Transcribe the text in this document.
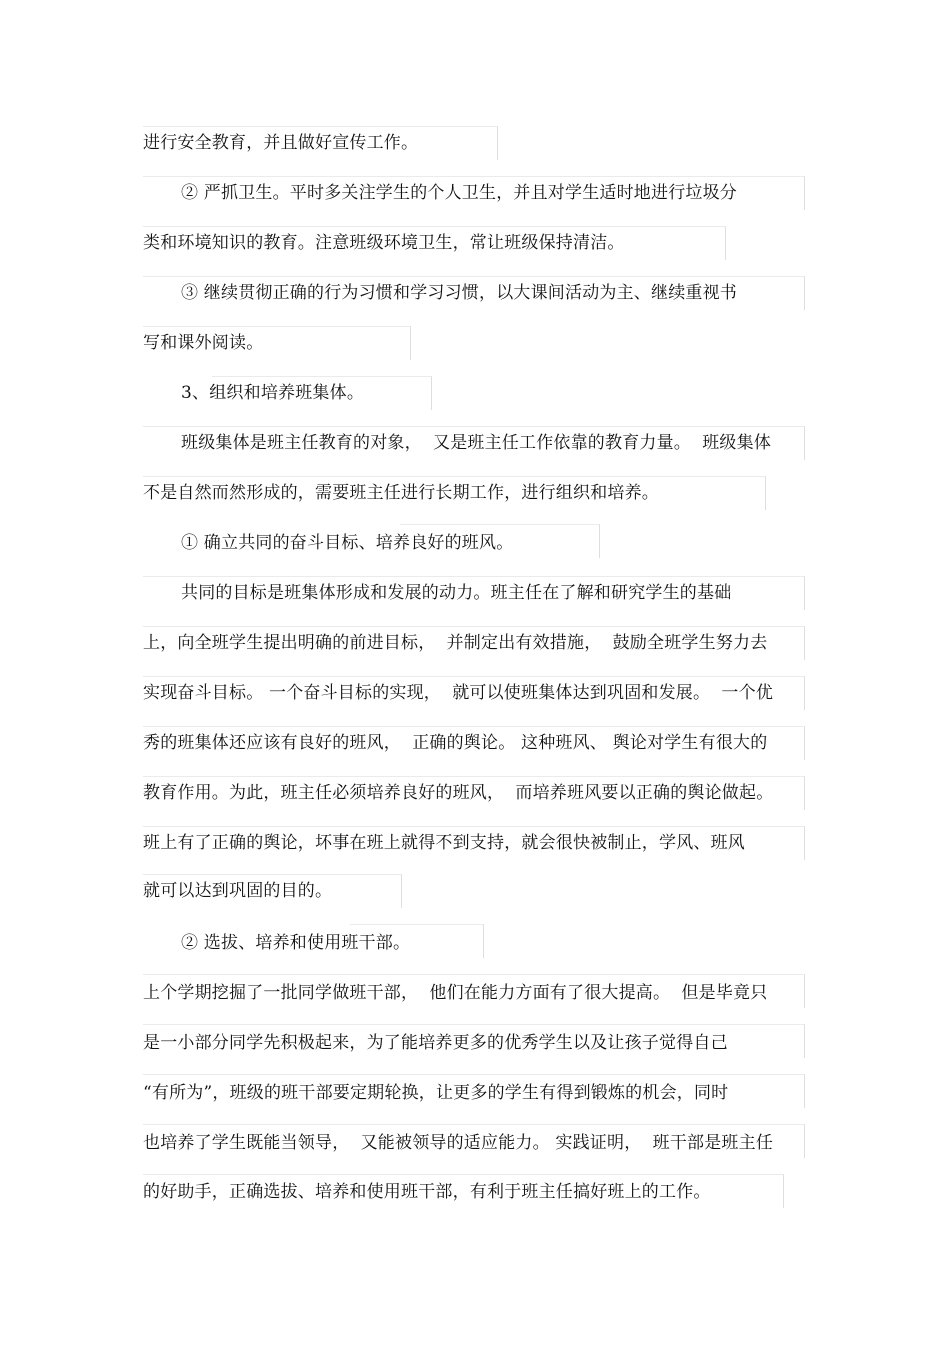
进行安全教育，并且做好宣传工作。
② 严抓卫生。平时多关注学生的个人卫生，并且对学生适时地进行垃圾分
类和环境知识的教育。注意班级环境卫生，常让班级保持清洁。
③ 继续贯彻正确的行为习惯和学习习惯，以大课间活动为主、继续重视书
写和课外阅读。
3、组织和培养班集体。
班级集体是班主任教育的对象，  又是班主任工作依靠的教育力量。  班级集体
不是自然而然形成的，需要班主任进行长期工作，进行组织和培养。
① 确立共同的奋斗目标、培养良好的班风。
共同的目标是班集体形成和发展的动力。班主任在了解和研究学生的基础
上，向全班学生提出明确的前进目标，  并制定出有效措施，  鼓励全班学生努力去
实现奋斗目标。 一个奋斗目标的实现，  就可以使班集体达到巩固和发展。  一个优
秀的班集体还应该有良好的班风，  正确的舆论。 这种班风、 舆论对学生有很大的
教育作用。为此，班主任必须培养良好的班风，  而培养班风要以正确的舆论做起。
班上有了正确的舆论，坏事在班上就得不到支持，就会很快被制止，学风、班风
就可以达到巩固的目的。
② 选拔、培养和使用班干部。
上个学期挖掘了一批同学做班干部，  他们在能力方面有了很大提高。  但是毕竟只
是一小部分同学先积极起来，为了能培养更多的优秀学生以及让孩子觉得自己
“有所为”，班级的班干部要定期轮换，让更多的学生有得到锻炼的机会，同时
也培养了学生既能当领导，  又能被领导的适应能力。 实践证明，  班干部是班主任
的好助手，正确选拔、培养和使用班干部，有利于班主任搞好班上的工作。
